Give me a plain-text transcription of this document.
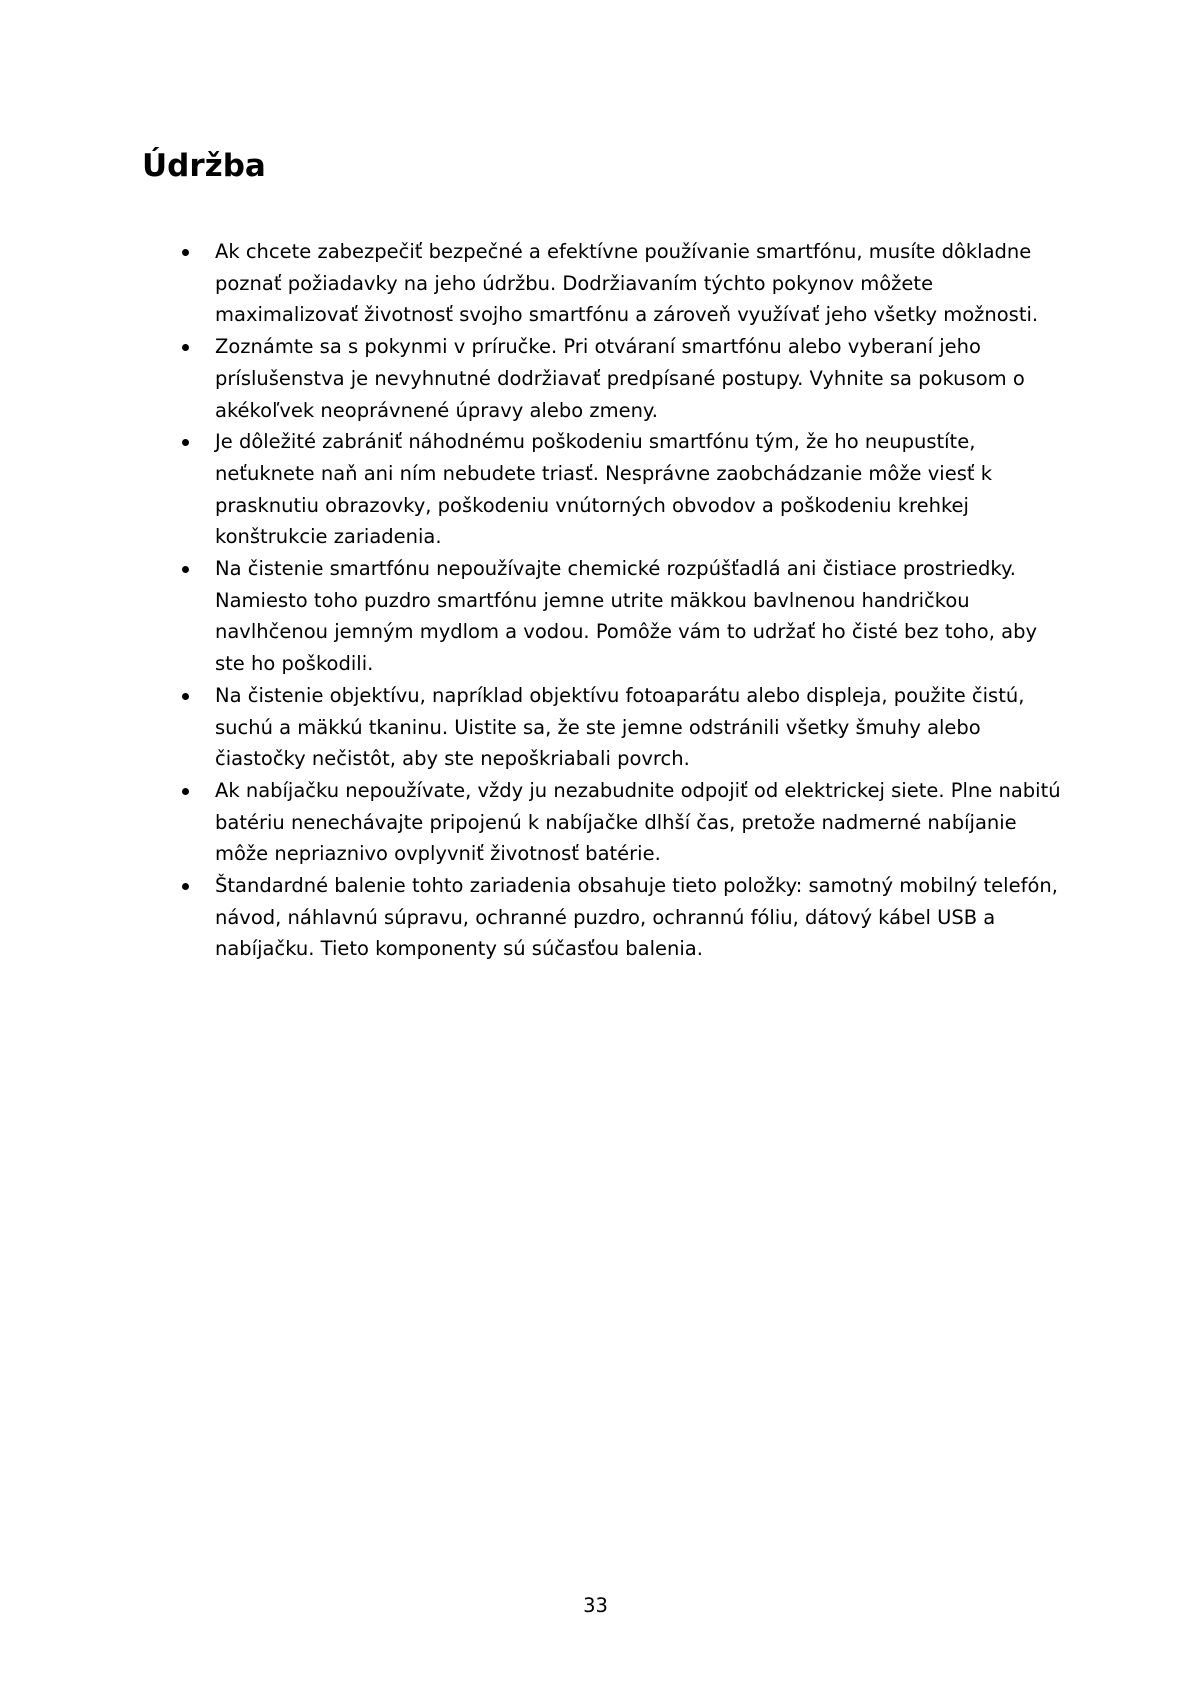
Údržba
Ak chcete zabezpečiť bezpečné a efektívne používanie smartfónu, musíte dôkladne poznať požiadavky na jeho údržbu. Dodržiavaním týchto pokynov môžete maximalizovať životnosť svojho smartfónu a zároveň využívať jeho všetky možnosti.
Zoznámte sa s pokynmi v príručke. Pri otváraní smartfónu alebo vyberaní jeho príslušenstva je nevyhnutné dodržiavať predpísané postupy. Vyhnite sa pokusom o akékoľvek neoprávnené úpravy alebo zmeny.
Je dôležité zabrániť náhodnému poškodeniu smartfónu tým, že ho neupustíte, neťuknete naň ani ním nebudete triasť. Nesprávne zaobchádzanie môže viesť k prasknutiu obrazovky, poškodeniu vnútorných obvodov a poškodeniu krehkej konštrukcie zariadenia.
Na čistenie smartfónu nepoužívajte chemické rozpúšťadlá ani čistiace prostriedky. Namiesto toho puzdro smartfónu jemne utrite mäkkou bavlnenou handričkou navlhčenou jemným mydlom a vodou. Pomôže vám to udržať ho čisté bez toho, aby ste ho poškodili.
Na čistenie objektívu, napríklad objektívu fotoaparátu alebo displeja, použite čistú, suchú a mäkkú tkaninu. Uistite sa, že ste jemne odstránili všetky šmuhy alebo čiastočky nečistôt, aby ste nepoškriabali povrch.
Ak nabíjačku nepoužívate, vždy ju nezabudnite odpojiť od elektrickej siete. Plne nabitú batériu nenechávajte pripojenú k nabíjačke dlhší čas, pretože nadmerné nabíjanie môže nepriaznivo ovplyvniť životnosť batérie.
Štandardné balenie tohto zariadenia obsahuje tieto položky: samotný mobilný telefón, návod, náhlavnú súpravu, ochranné puzdro, ochrannú fóliu, dátový kábel USB a nabíjačku. Tieto komponenty sú súčasťou balenia.
33
